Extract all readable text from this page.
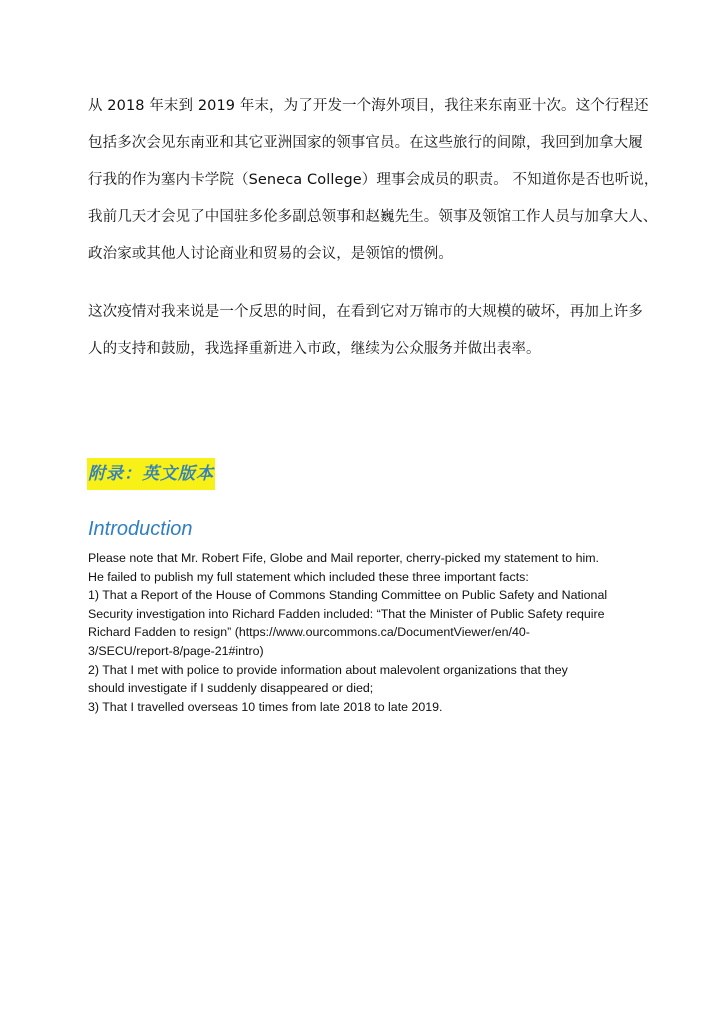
从 2018 年末到 2019 年末，为了开发一个海外项目，我往来东南亚十次。这个行程还
包括多次会见东南亚和其它亚洲国家的领事官员。在这些旅行的间隙，我回到加拿大履
行我的作为塞内卡学院（Seneca College）理事会成员的职责。 不知道你是否也听说，
我前几天才会见了中国驻多伦多副总领事和赵巍先生。领事及领馆工作人员与加拿大人、
政治家或其他人讨论商业和贸易的会议，是领馆的惯例。
这次疫情对我来说是一个反思的时间，在看到它对万锦市的大规模的破坏，再加上许多
人的支持和鼓励，我选择重新进入市政，继续为公众服务并做出表率。
附录：英文版本
Introduction
Please note that Mr. Robert Fife, Globe and Mail reporter, cherry-picked my statement to him.
He failed to publish my full statement which included these three important facts:
1) That a Report of the House of Commons Standing Committee on Public Safety and National
Security investigation into Richard Fadden included: “That the Minister of Public Safety require
Richard Fadden to resign” (https://www.ourcommons.ca/DocumentViewer/en/40-
3/SECU/report-8/page-21#intro)
2) That I met with police to provide information about malevolent organizations that they
should investigate if I suddenly disappeared or died;
3) That I travelled overseas 10 times from late 2018 to late 2019.
